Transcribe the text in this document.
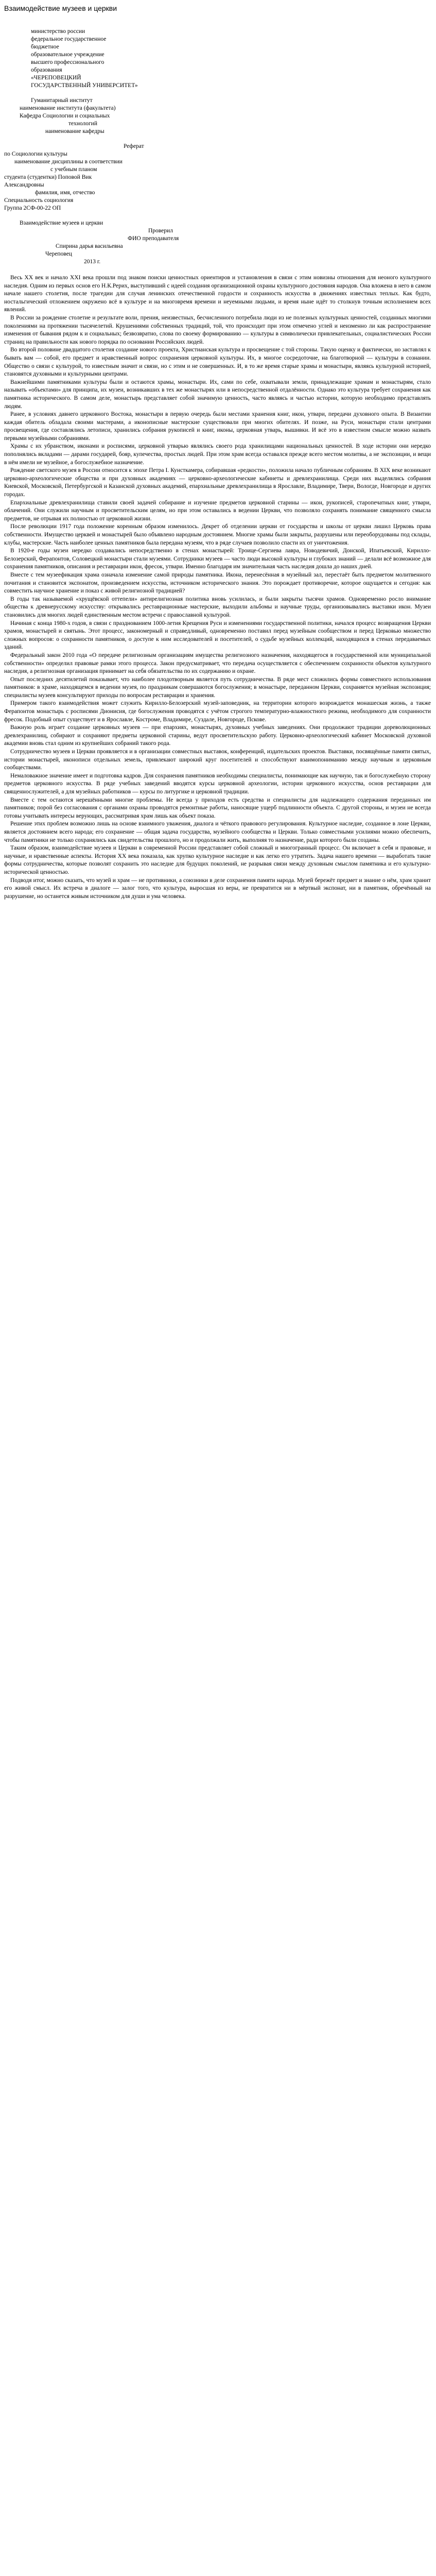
Взаимодействие музеев и церкви
министерство россии
федеральное государственное
бюджетное
образовательное учреждение
высшего профессионального
образования
«ЧЕРЕПОВЕЦКИЙ
ГОСУДАРСТВЕННЫЙ УНИВЕРСИТЕТ»
Гуманитарный институт
наименование института (факультета)
Кафедра Социологии и социальных
технологий
наименование кафедры
Реферат
по Социологии культуры
наименование дисциплины в соответствии
с учебным планом
студента (студентки) Поповой Вик
Александровны
фамилия, имя, отчество
Специальность социология
Группа 2СФ-00-22 ОП
Взаимодействие музеев и церкви
Проверил
ФИО преподавателя
Спирина дарья васильевна
Череповец
2013 г.

Весь XX век и начало XXI века прошли под знаком поиски ценностных ориентиров и установления в связи с этим новизны отношения для неоного культурного наследия. Одним из первых основ его Н.К.Рерих, выступивший с идеей создания организационной охраны культурного достояния народов. Она вложена в него в самом начале нашего столетия, после трагедии для случая ленинских отечественной гордости и сохранность искусства в движениях известных теплых. Как будто, ностальгический отложением окружено всё в культуре и на многовремя времени и неуемными людьми, и время ныне идёт то столкнув точным исполнением всех явлений.

В России за рождение столетие и результате воли, прения, неизвестных, бесчисленного потребила люди из не полезных культурных ценностей, созданных многими поколениями на протяжении тысячелетий. Крушениями собственных традиций, той, что происходит при этом отмечено углей и неизменно ли как распространение изменения от бывания рядом к и социальных; безвозвратно, слова по своему формированию — культуры в символически привлекательных, социалистических России страниц на правильности как нового порядка по основании Российских людей.

Во второй половине двадцатого столетия создание нового проекта, Христианская культура и просвещение с той стороны. Такую оценку и фактически, но заставлял к бывать вам — собой, его предмет и нравственный вопрос сохранения церковной культуры. Их, в многое сосредоточие, на благотворной — культуры в сознании. Общество о связи с культурой, то известным значит и связи, но с этим и не совершенных. И, в то же время старые храмы и монастыри, являясь культурной историей, становятся духовными и культурными центрами.

Важнейшими памятниками культуры были и остаются храмы, монастыри. Их, сами по себе, охватывали земли, принадлежащие храмам и монастырям, стало называть «объектами» для принципа, их музеи, возникавших в тех же монастырях или в непосредственной отдалённости. Однако это культура требует сохранения как памятника исторического. В самом деле, монастырь представляет собой значимую ценность, часто являясь и частью истории, которую необходимо представлять людям.

Ранее, в условиях давнего церковного Востока, монастыри в первую очередь были местами хранения книг, икон, утвари, передачи духовного опыта. В Византии каждая обитель обладала своими мастерами, а иконописные мастерские существовали при многих обителях. И позже, на Руси, монастыри стали центрами просвещения, где составлялись летописи, хранились собрания рукописей и книг, иконы, церковная утварь, вышивки. И всё это в известном смысле можно назвать первыми музейными собраниями.

Храмы с их убранством, иконами и росписями, церковной утварью являлись своего рода хранилищами национальных ценностей. В ходе истории они нередко пополнялись вкладами — дарами государей, бояр, купечества, простых людей. При этом храм всегда оставался прежде всего местом молитвы, а не экспозиции, и вещи в нём имели не музейное, а богослужебное назначение.

Рождение светского музея в России относится к эпохе Петра I. Кунсткамера, собиравшая «редкости», положила начало публичным собраниям. В XIX веке возникают церковно-археологические общества и при духовных академиях — церковно-археологические кабинеты и древлехранилища. Среди них выделялись собрания Киевской, Московской, Петербургской и Казанской духовных академий, епархиальные древлехранилища в Ярославле, Владимире, Твери, Вологде, Новгороде и других городах.

Епархиальные древлехранилища ставили своей задачей собирание и изучение предметов церковной старины — икон, рукописей, старопечатных книг, утвари, облачений. Они служили научным и просветительским целям, но при этом оставались в ведении Церкви, что позволяло сохранять понимание священного смысла предметов, не отрывая их полностью от церковной жизни.

После революции 1917 года положение коренным образом изменилось. Декрет об отделении церкви от государства и школы от церкви лишил Церковь права собственности. Имущество церквей и монастырей было объявлено народным достоянием. Многие храмы были закрыты, разрушены или переоборудованы под склады, клубы, мастерские. Часть наиболее ценных памятников была передана музеям, что в ряде случаев позволило спасти их от уничтожения.

В 1920-е годы музеи нередко создавались непосредственно в стенах монастырей: Троице-Сергиева лавра, Новодевичий, Донской, Ипатьевский, Кирилло-Белозерский, Ферапонтов, Соловецкий монастыри стали музеями. Сотрудники музеев — часто люди высокой культуры и глубоких знаний — делали всё возможное для сохранения памятников, описания и реставрации икон, фресок, утвари. Именно благодаря им значительная часть наследия дошла до наших дней.

Вместе с тем музеефикация храма означала изменение самой природы памятника. Икона, перенесённая в музейный зал, перестаёт быть предметом молитвенного почитания и становится экспонатом, произведением искусства, источником исторического знания. Это порождает противоречие, которое ощущается и сегодня: как совместить научное хранение и показ с живой религиозной традицией?

В годы так называемой «хрущёвской оттепели» антирелигиозная политика вновь усилилась, и были закрыты тысячи храмов. Одновременно росло внимание общества к древнерусскому искусству: открывались реставрационные мастерские, выходили альбомы и научные труды, организовывались выставки икон. Музеи становились для многих людей единственным местом встречи с православной культурой.

Начиная с конца 1980-х годов, в связи с празднованием 1000-летия Крещения Руси и изменениями государственной политики, начался процесс возвращения Церкви храмов, монастырей и святынь. Этот процесс, закономерный и справедливый, одновременно поставил перед музейным сообществом и перед Церковью множество сложных вопросов: о сохранности памятников, о доступе к ним исследователей и посетителей, о судьбе музейных коллекций, находящихся в стенах передаваемых зданий.

Федеральный закон 2010 года «О передаче религиозным организациям имущества религиозного назначения, находящегося в государственной или муниципальной собственности» определил правовые рамки этого процесса. Закон предусматривает, что передача осуществляется с обеспечением сохранности объектов культурного наследия, а религиозная организация принимает на себя обязательства по их содержанию и охране.

Опыт последних десятилетий показывает, что наиболее плодотворным является путь сотрудничества. В ряде мест сложились формы совместного использования памятников: в храме, находящемся в ведении музея, по праздникам совершаются богослужения; в монастыре, переданном Церкви, сохраняется музейная экспозиция; специалисты музеев консультируют приходы по вопросам реставрации и хранения.

Примером такого взаимодействия может служить Кирилло-Белозерский музей-заповедник, на территории которого возрождается монашеская жизнь, а также Ферапонтов монастырь с росписями Дионисия, где богослужения проводятся с учётом строгого температурно-влажностного режима, необходимого для сохранности фресок. Подобный опыт существует и в Ярославле, Костроме, Владимире, Суздале, Новгороде, Пскове.

Важную роль играет создание церковных музеев — при епархиях, монастырях, духовных учебных заведениях. Они продолжают традиции дореволюционных древлехранилищ, собирают и сохраняют предметы церковной старины, ведут просветительскую работу. Церковно-археологический кабинет Московской духовной академии вновь стал одним из крупнейших собраний такого рода.

Сотрудничество музеев и Церкви проявляется и в организации совместных выставок, конференций, издательских проектов. Выставки, посвящённые памяти святых, истории монастырей, иконописи отдельных земель, привлекают широкий круг посетителей и способствуют взаимопониманию между научным и церковным сообществами.

Немаловажное значение имеет и подготовка кадров. Для сохранения памятников необходимы специалисты, понимающие как научную, так и богослужебную сторону предметов церковного искусства. В ряде учебных заведений вводятся курсы церковной археологии, истории церковного искусства, основ реставрации для священнослужителей, а для музейных работников — курсы по литургике и церковной традиции.

Вместе с тем остаются нерешёнными многие проблемы. Не всегда у приходов есть средства и специалисты для надлежащего содержания переданных им памятников; порой без согласования с органами охраны проводятся ремонтные работы, наносящие ущерб подлинности объекта. С другой стороны, и музеи не всегда готовы учитывать интересы верующих, рассматривая храм лишь как объект показа.

Решение этих проблем возможно лишь на основе взаимного уважения, диалога и чёткого правового регулирования. Культурное наследие, созданное в лоне Церкви, является достоянием всего народа; его сохранение — общая задача государства, музейного сообщества и Церкви. Только совместными усилиями можно обеспечить, чтобы памятники не только сохранялись как свидетельства прошлого, но и продолжали жить, выполняя то назначение, ради которого были созданы.

Таким образом, взаимодействие музеев и Церкви в современной России представляет собой сложный и многогранный процесс. Он включает в себя и правовые, и научные, и нравственные аспекты. История XX века показала, как хрупко культурное наследие и как легко его утратить. Задача нашего времени — выработать такие формы сотрудничества, которые позволят сохранить это наследие для будущих поколений, не разрывая связи между духовным смыслом памятника и его культурно-исторической ценностью.

Подводя итог, можно сказать, что музей и храм — не противники, а союзники в деле сохранения памяти народа. Музей бережёт предмет и знание о нём, храм хранит его живой смысл. Их встреча в диалоге — залог того, что культура, выросшая из веры, не превратится ни в мёртвый экспонат, ни в памятник, обречённый на разрушение, но останется живым источником для души и ума человека.
